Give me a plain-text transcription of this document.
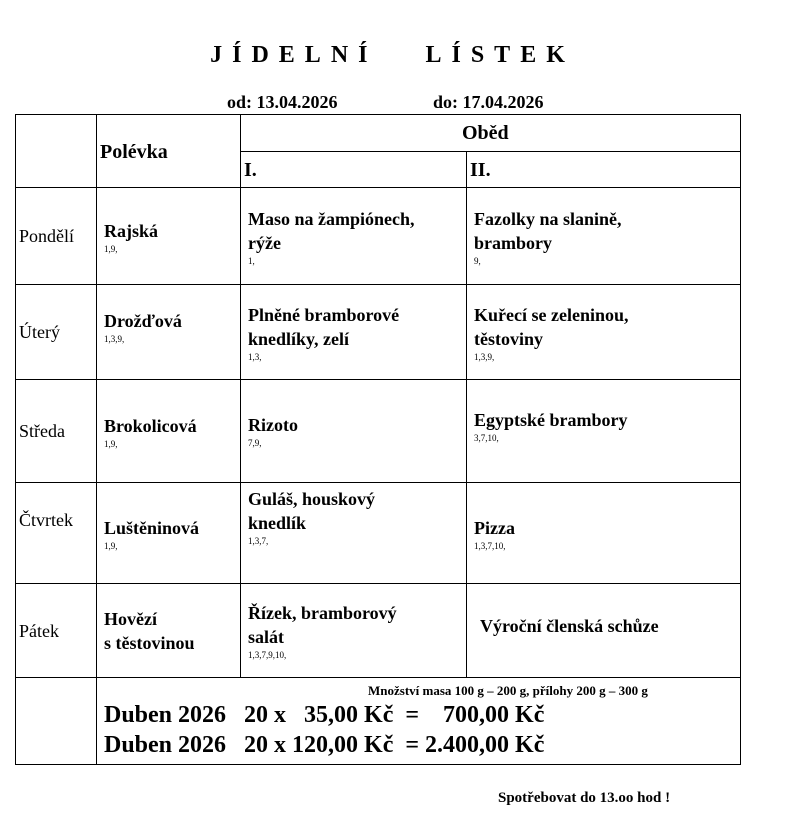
JÍDELNÍ   LÍSTEK
od: 13.04.2026	do: 17.04.2026
Polévka
Oběd
I.	II.
Pondělí Rajská
1,9,
Maso na žampiónech,
rýže
1,
Fazolky na slanině,
brambory
9,
Úterý
Drožďová
1,3,9,
Plněné bramborové
knedlíky, zelí
1,3,
Kuřecí se zeleninou,
těstoviny
1,3,9,
Středa Brokolicová
1,9,
Rizoto
7,9,
Egyptské brambory
3,7,10,
Čtvrtek Luštěninová
1,9,
Guláš, houskový
knedlík
1,3,7,
Pizza
1,3,7,10,
Pátek
Hovězí
s těstovinou
Řízek, bramborový
salát
1,3,7,9,10,
Výroční členská schůze
Množství masa 100 g – 200 g, přílohy 200 g – 300 g
Duben 2026   20 x   35,00 Kč  =    700,00 Kč
Duben 2026   20 x 120,00 Kč  = 2.400,00 Kč
Spotřebovat do 13.oo hod !
